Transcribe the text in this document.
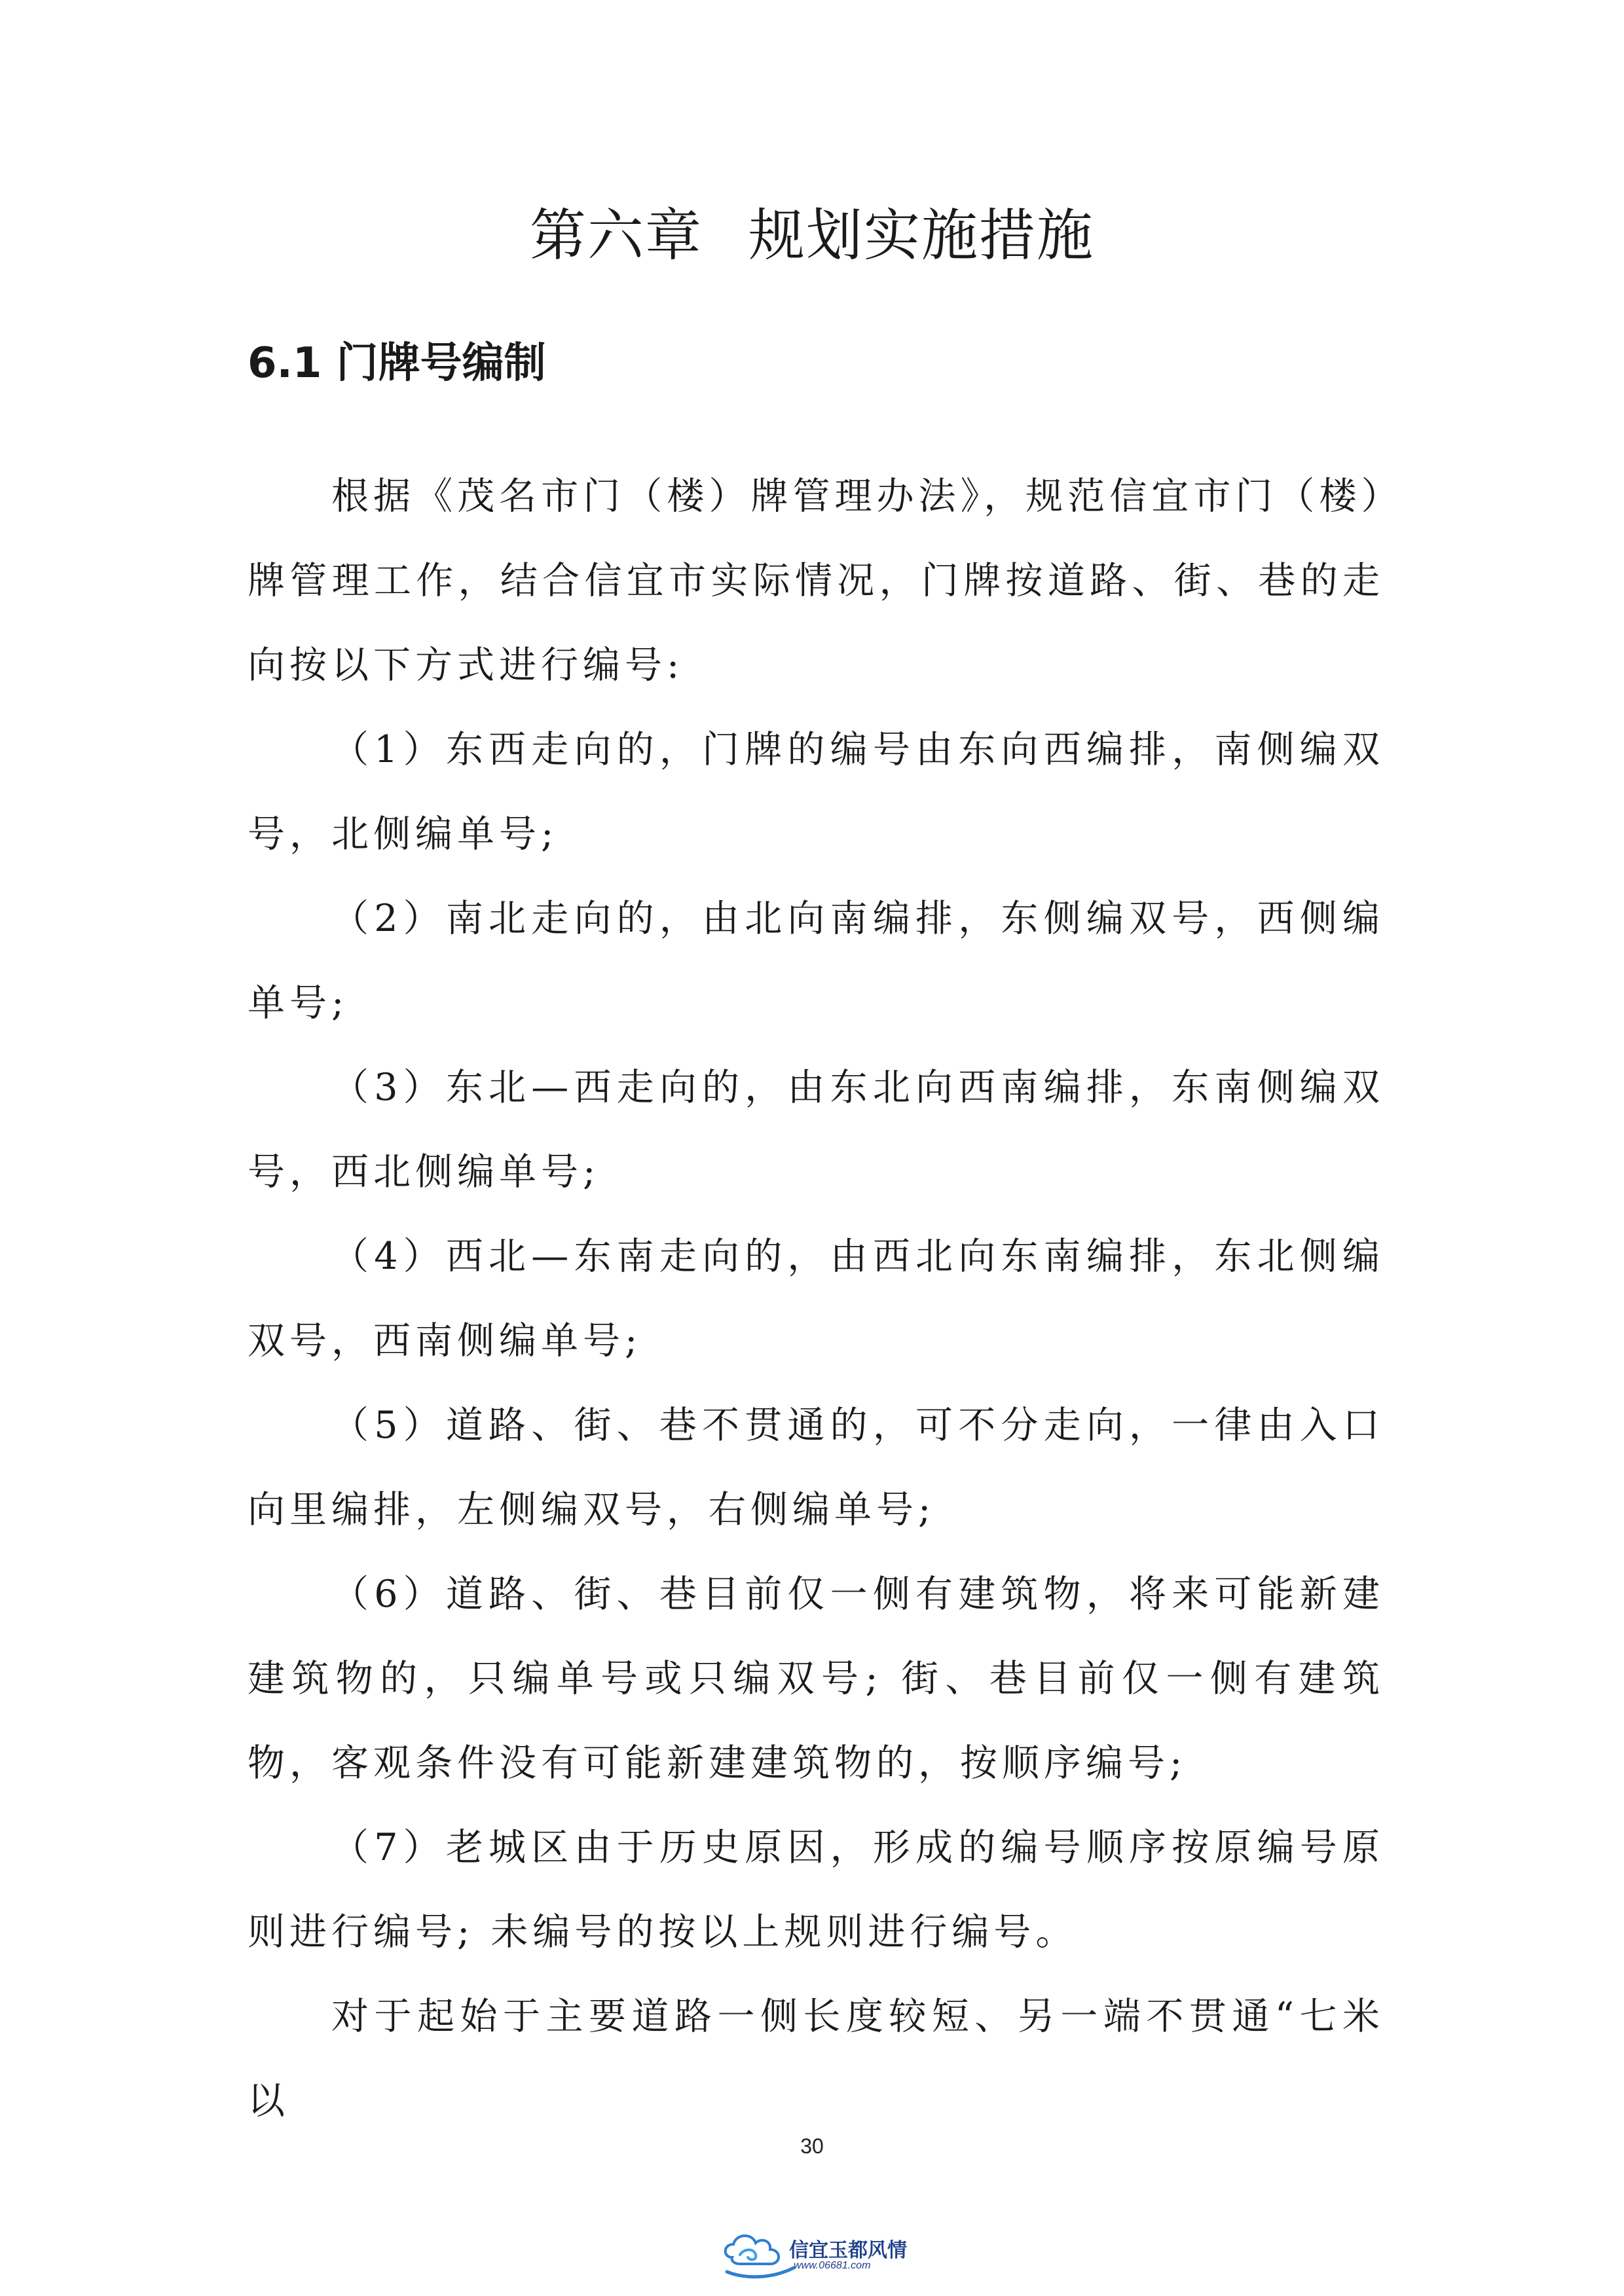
第六章 规划实施措施
6.1 门牌号编制

根据《茂名市门（楼）牌管理办法》，规范信宜市门（楼）牌管理工作，结合信宜市实际情况，门牌按道路、街、巷的走向按以下方式进行编号:

（1）东西走向的，门牌的编号由东向西编排，南侧编双号，北侧编单号;

（2）南北走向的，由北向南编排，东侧编双号，西侧编单号;

（3）东北—西走向的，由东北向西南编排，东南侧编双号，西北侧编单号;

（4）西北—东南走向的，由西北向东南编排，东北侧编双号，西南侧编单号;

（5）道路、街、巷不贯通的，可不分走向，一律由入口向里编排，左侧编双号，右侧编单号;

（6）道路、街、巷目前仅一侧有建筑物，将来可能新建建筑物的，只编单号或只编双号; 街、巷目前仅一侧有建筑物，客观条件没有可能新建建筑物的，按顺序编号;

（7）老城区由于历史原因，形成的编号顺序按原编号原则进行编号; 未编号的按以上规则进行编号。

对于起始于主要道路一侧长度较短、另一端不贯通“七米以

30
信宜玉都风情
www.06681.com
